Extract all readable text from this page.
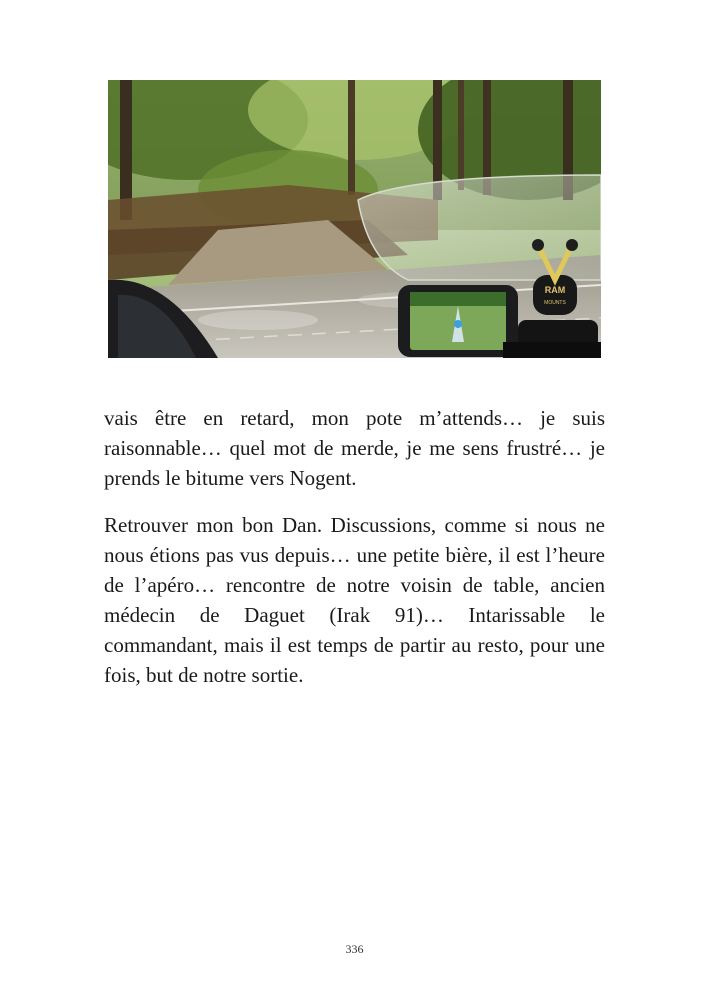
RAM
MOUNTS

vais être en retard, mon pote m’attends… je suis raisonnable… quel mot de merde, je me sens frustré… je prends le bitume vers Nogent.

Retrouver mon bon Dan. Discussions, comme si nous ne nous étions pas vus depuis… une petite bière, il est l’heure de l’apéro… rencontre de notre voisin de table, ancien médecin de Daguet (Irak 91)… Intarissable le commandant, mais il est temps de partir au resto, pour une fois, but de notre sortie.

336
